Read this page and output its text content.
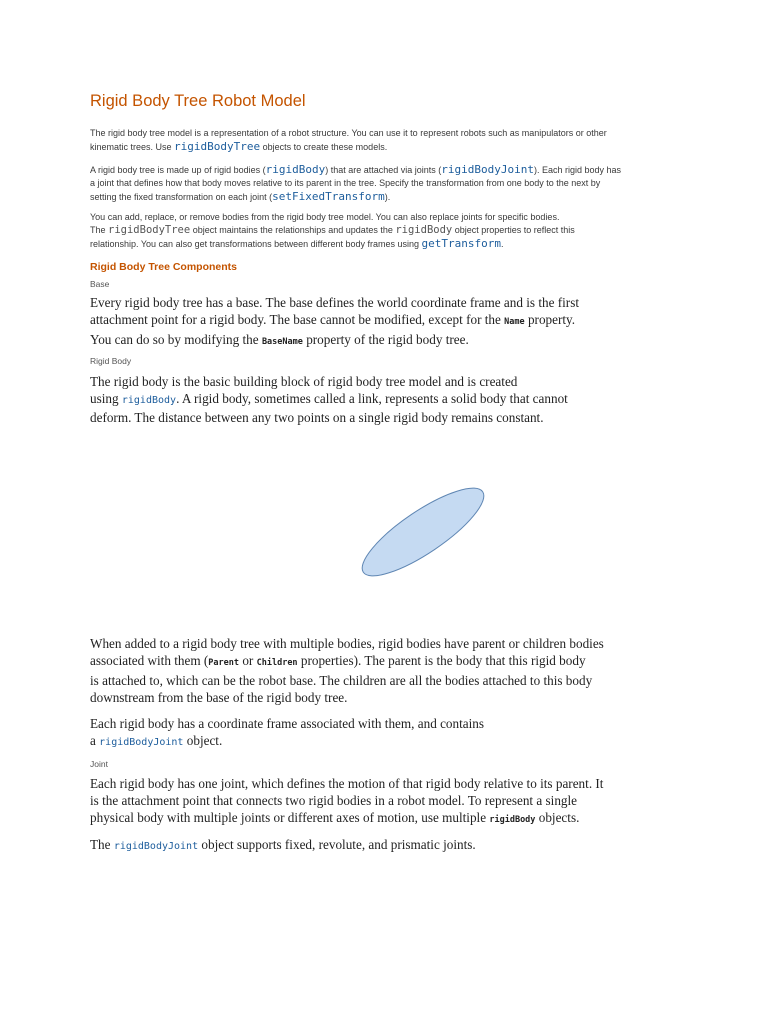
Rigid Body Tree Robot Model

The rigid body tree model is a representation of a robot structure. You can use it to represent robots such as manipulators or other
kinematic trees. Use rigidBodyTree objects to create these models.

A rigid body tree is made up of rigid bodies (rigidBody) that are attached via joints (rigidBodyJoint). Each rigid body has
a joint that defines how that body moves relative to its parent in the tree. Specify the transformation from one body to the next by
setting the fixed transformation on each joint (setFixedTransform).

You can add, replace, or remove bodies from the rigid body tree model. You can also replace joints for specific bodies.
The rigidBodyTree object maintains the relationships and updates the rigidBody object properties to reflect this
relationship. You can also get transformations between different body frames using getTransform.

Rigid Body Tree Components
Base

Every rigid body tree has a base. The base defines the world coordinate frame and is the first
attachment point for a rigid body. The base cannot be modified, except for the Name property.
You can do so by modifying the BaseName property of the rigid body tree.

Rigid Body

The rigid body is the basic building block of rigid body tree model and is created
using rigidBody. A rigid body, sometimes called a link, represents a solid body that cannot
deform. The distance between any two points on a single rigid body remains constant.

When added to a rigid body tree with multiple bodies, rigid bodies have parent or children bodies
associated with them (Parent or Children properties). The parent is the body that this rigid body
is attached to, which can be the robot base. The children are all the bodies attached to this body
downstream from the base of the rigid body tree.

Each rigid body has a coordinate frame associated with them, and contains
a rigidBodyJoint object.

Joint

Each rigid body has one joint, which defines the motion of that rigid body relative to its parent. It
is the attachment point that connects two rigid bodies in a robot model. To represent a single
physical body with multiple joints or different axes of motion, use multiple rigidBody objects.

The rigidBodyJoint object supports fixed, revolute, and prismatic joints.
